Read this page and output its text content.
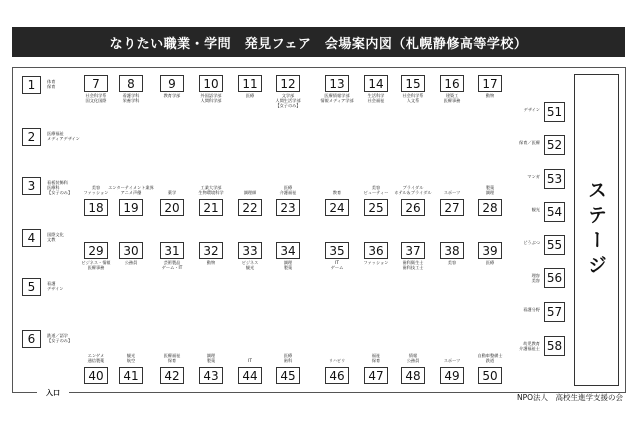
なりたい職業・学問　発見フェア　会場案内図（札幌静修高等学校）
入口	NPO法人　高校生進学支援の会
ステージ
7
社会科学系
国文化国際
8
看護学科
栄養学科
9
教育学部
10
外国語学部
人間科学部
11
医療
12
文学部
人間生活学部
【女子のみ】
13
医療情報学部
情報メディア学部
14
生活科学
社会福祉
15
社会科学系
人文系
16
建築工
医療事務
17
動物
18
美容
ファッション
19
エンターテイメント業界
アニメ声優
20
薬学
21
工業大学部
生物環境科学
22
調理師
23
医療
介護福祉
24
教育
25
美容
ビューティー
26
ブライダル
ホテル＆ブライダル
27
スポーツ
28
製菓
調理
29
ビジネス・情報
医療事務
30
公務員
31
芸術製品
ゲーム・IT
32
動物
33
ビジネス
観光
34
調理
製菓
35
IT
ゲーム
36
ファッション
37
歯科衛生士
歯科技工士
38
美容
39
医療
40
エンゲメ
通信製薬
41
観光
航空
42
医療福祉
保育
43
調理
製菓
44
IT
45
医療
歯科
46
リハビリ
47
福祉
保育
48
情報
公務員
49
スポーツ
50
自動車整備士
鉄道
1	体育
保育
2	医療福祉
メディアデザイン
3	看板装飾科
医療科
【女子のみ】
4	国際文化
文教
5	看護
デザイン
6	鉄道／語学
【女子のみ】
51
デザイン
52
保育／医療
53
マンガ
54
観光
55
どうぶつ
56
理容
美容
57
看護分野
58
幼児教育
介護福祉士
